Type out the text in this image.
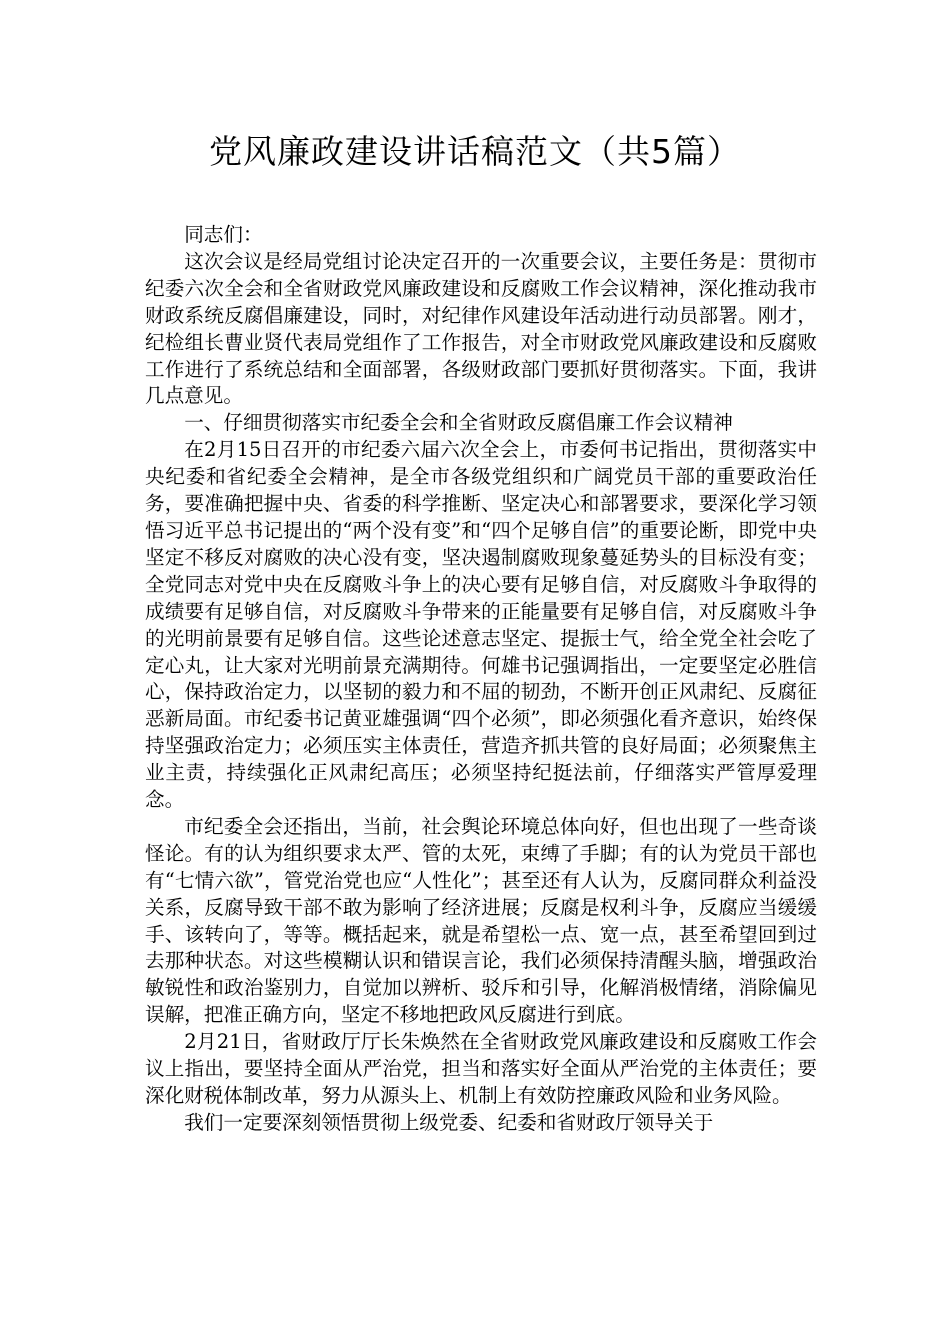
党风廉政建设讲话稿范文（共5篇）

同志们：

这次会议是经局党组讨论决定召开的一次重要会议，主要任务是：贯彻市纪委六次全会和全省财政党风廉政建设和反腐败工作会议精神，深化推动我市财政系统反腐倡廉建设，同时，对纪律作风建设年活动进行动员部署。刚才，纪检组长曹业贤代表局党组作了工作报告，对全市财政党风廉政建设和反腐败工作进行了系统总结和全面部署，各级财政部门要抓好贯彻落实。下面，我讲几点意见。

一、仔细贯彻落实市纪委全会和全省财政反腐倡廉工作会议精神

在2月15日召开的市纪委六届六次全会上，市委何书记指出，贯彻落实中央纪委和省纪委全会精神，是全市各级党组织和广阔党员干部的重要政治任务，要准确把握中央、省委的科学推断、坚定决心和部署要求，要深化学习领悟习近平总书记提出的“两个没有变”和“四个足够自信”的重要论断，即党中央坚定不移反对腐败的决心没有变，坚决遏制腐败现象蔓延势头的目标没有变；全党同志对党中央在反腐败斗争上的决心要有足够自信，对反腐败斗争取得的成绩要有足够自信，对反腐败斗争带来的正能量要有足够自信，对反腐败斗争的光明前景要有足够自信。这些论述意志坚定、提振士气，给全党全社会吃了定心丸，让大家对光明前景充满期待。何雄书记强调指出，一定要坚定必胜信心，保持政治定力，以坚韧的毅力和不屈的韧劲，不断开创正风肃纪、反腐征恶新局面。市纪委书记黄亚雄强调“四个必须”，即必须强化看齐意识，始终保持坚强政治定力；必须压实主体责任，营造齐抓共管的良好局面；必须聚焦主业主责，持续强化正风肃纪高压；必须坚持纪挺法前，仔细落实严管厚爱理念。

市纪委全会还指出，当前，社会舆论环境总体向好，但也出现了一些奇谈怪论。有的认为组织要求太严、管的太死，束缚了手脚；有的认为党员干部也有“七情六欲”，管党治党也应“人性化”；甚至还有人认为，反腐同群众利益没关系，反腐导致干部不敢为影响了经济进展；反腐是权利斗争，反腐应当缓缓手、该转向了，等等。概括起来，就是希望松一点、宽一点，甚至希望回到过去那种状态。对这些模糊认识和错误言论，我们必须保持清醒头脑，增强政治敏锐性和政治鉴别力，自觉加以辨析、驳斥和引导，化解消极情绪，消除偏见误解，把准正确方向，坚定不移地把政风反腐进行到底。

2月21日，省财政厅厅长朱焕然在全省财政党风廉政建设和反腐败工作会议上指出，要坚持全面从严治党，担当和落实好全面从严治党的主体责任；要深化财税体制改革，努力从源头上、机制上有效防控廉政风险和业务风险。

我们一定要深刻领悟贯彻上级党委、纪委和省财政厅领导关于
